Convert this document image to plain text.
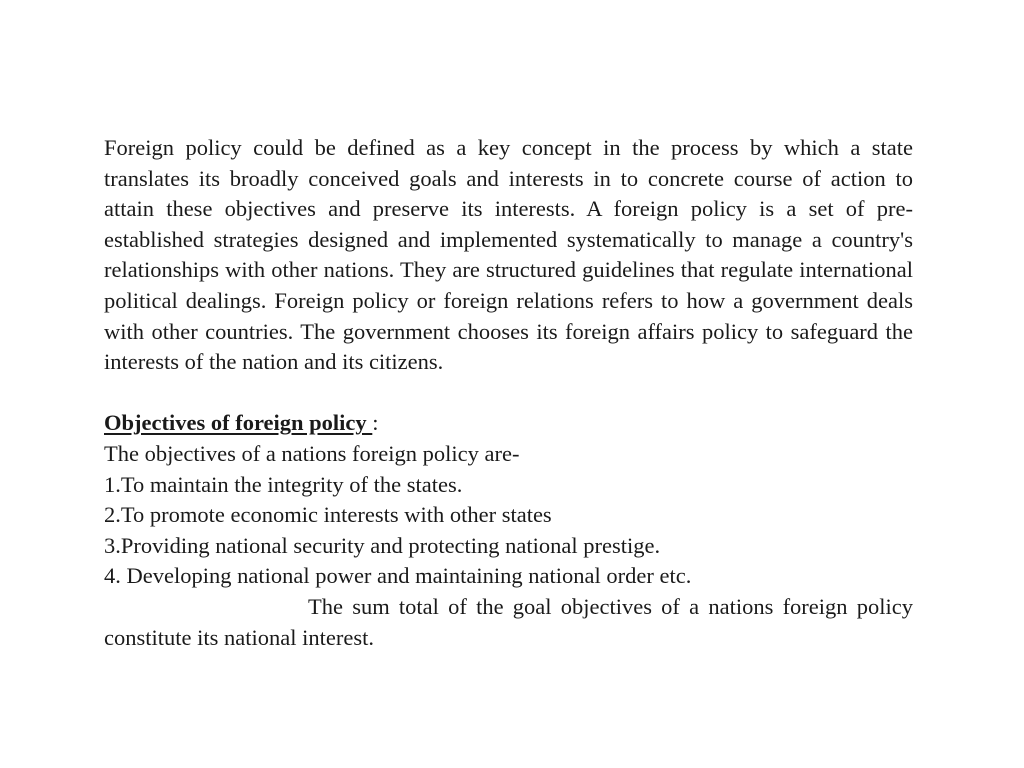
Foreign policy could be defined as a key concept in the process by which a state translates its broadly conceived goals and interests in to concrete course of action to attain these objectives and preserve its interests. A foreign policy is a set of pre-established strategies designed and implemented systematically to manage a country's relationships with other nations. They are structured guidelines that regulate international political dealings. Foreign policy or foreign relations refers to how a government deals with other countries. The government chooses its foreign affairs policy to safeguard the interests of the nation and its citizens.

Objectives of foreign policy :

The objectives of a nations foreign policy are-

1.To maintain the integrity of the states.

2.To promote economic interests with other states

3.Providing national security and protecting national prestige.

4. Developing national power and maintaining national order etc.

The sum total of the goal objectives of a nations foreign policy constitute its national interest.
